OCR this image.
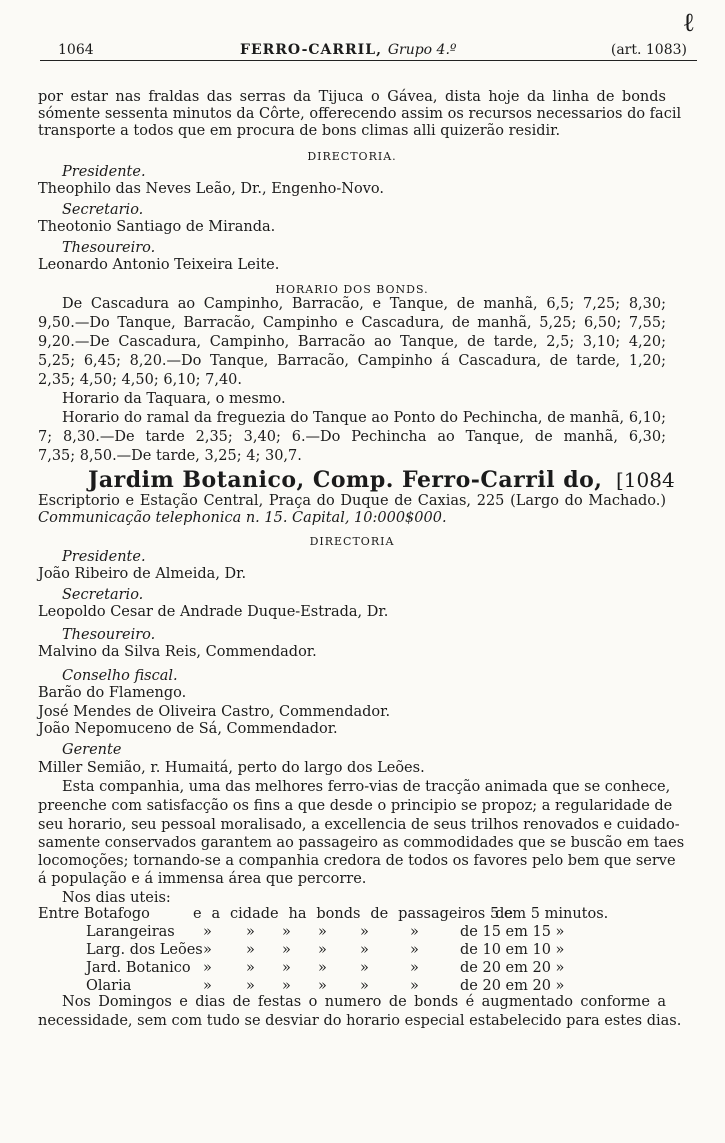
1064	FERRO-CARRIL, Grupo 4.º	(art. 1083)
ℓ
por estar nas fraldas das serras da Tijuca o Gávea, dista hoje da linha de bonds
sómente sessenta minutos da Côrte, offerecendo assim os recursos necessarios do facil
transporte a todos que em procura de bons climas alli quizerão residir.
DIRECTORIA.
Presidente.
Theophilo das Neves Leão, Dr., Engenho-Novo.
Secretario.
Theotonio Santiago de Miranda.
Thesoureiro.
Leonardo Antonio Teixeira Leite.
HORARIO DOS BONDS.
De Cascadura ao Campinho, Barracão, e Tanque, de manhã, 6,5; 7,25; 8,30;
9,50.—Do Tanque, Barracão, Campinho e Cascadura, de manhã, 5,25; 6,50; 7,55;
9,20.—De Cascadura, Campinho, Barracão ao Tanque, de tarde, 2,5; 3,10; 4,20;
5,25; 6,45; 8,20.—Do Tanque, Barracão, Campinho á Cascadura, de tarde, 1,20;
2,35; 4,50; 4,50; 6,10; 7,40.
Horario da Taquara, o mesmo.
Horario do ramal da freguezia do Tanque ao Ponto do Pechincha, de manhã, 6,10;
7; 8,30.—De tarde 2,35; 3,40; 6.—Do Pechincha ao Tanque, de manhã, 6,30;
7,35; 8,50.—De tarde, 3,25; 4; 30,7.
Jardim Botanico, Comp. Ferro-Carril do, [1084
Escriptorio e Estação Central, Praça do Duque de Caxias, 225 (Largo do Machado.)
Communicação telephonica n. 15. Capital, 10:000$000.
DIRECTORIA
Presidente.
João Ribeiro de Almeida, Dr.
Secretario.
Leopoldo Cesar de Andrade Duque-Estrada, Dr.
Thesoureiro.
Malvino da Silva Reis, Commendador.
Conselho fiscal.
Barão do Flamengo.
José Mendes de Oliveira Castro, Commendador.
João Nepomuceno de Sá, Commendador.
Gerente
Miller Semião, r. Humaitá, perto do largo dos Leões.
Esta companhia, uma das melhores ferro-vias de tracção animada que se conhece,
preenche com satisfacção os fins a que desde o principio se propoz; a regularidade de
seu horario, seu pessoal moralisado, a excellencia de seus trilhos renovados e cuidado-
samente conservados garantem ao passageiro as commodidades que se buscão em taes
locomoções; tornando-se a companhia credora de todos os favores pelo bem que serve
á população e á immensa área que percorre.
Nos dias uteis:
Entre Botafogo	e a cidade ha bonds de passageiros de
5 em 5 minutos.
Larangeiras » » » » »	»	de 15 em 15 »
Larg. dos Leões » » » » »	»	de 10 em 10 »
Jard. Botanico » » » » »	»	de 20 em 20 »
Olaria	» » » » »	»	de 20 em 20 »
Nos Domingos e dias de festas o numero de bonds é augmentado conforme a
necessidade, sem com tudo se desviar do horario especial estabelecido para estes dias.
